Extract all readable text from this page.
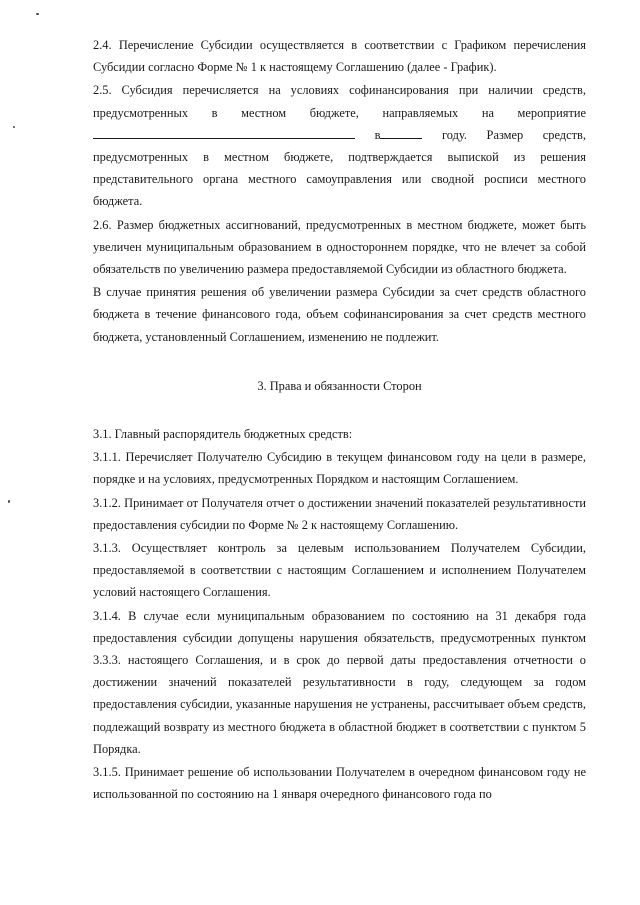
2.4. Перечисление Субсидии осуществляется в соответствии с Графиком перечисления Субсидии согласно Форме № 1 к настоящему Соглашению (далее - График).

2.5. Субсидия перечисляется на условиях софинансирования при наличии средств, предусмотренных в местном бюджете, направляемых на мероприятие  в	году. Размер средств, предусмотренных в местном бюджете, подтверждается выпиской из решения представительного органа местного самоуправления или сводной росписи местного бюджета.

2.6. Размер бюджетных ассигнований, предусмотренных в местном бюджете, может быть увеличен муниципальным образованием в одностороннем порядке, что не влечет за собой обязательств по увеличению размера предоставляемой Субсидии из областного бюджета.

В случае принятия решения об увеличении размера Субсидии за счет средств областного бюджета в течение финансового года, объем софинансирования за счет средств местного бюджета, установленный Соглашением, изменению не подлежит.

3. Права и обязанности Сторон

3.1. Главный распорядитель бюджетных средств:

3.1.1. Перечисляет Получателю Субсидию в текущем финансовом году на цели в размере, порядке и на условиях, предусмотренных Порядком и настоящим Соглашением.

3.1.2. Принимает от Получателя отчет о достижении значений показателей результативности предоставления субсидии по Форме № 2 к настоящему Соглашению.

3.1.3. Осуществляет контроль за целевым использованием Получателем Субсидии, предоставляемой в соответствии с настоящим Соглашением и исполнением Получателем условий настоящего Соглашения.

3.1.4. В случае если муниципальным образованием по состоянию на 31 декабря года предоставления субсидии допущены нарушения обязательств, предусмотренных пунктом 3.3.3. настоящего Соглашения, и в срок до первой даты предоставления отчетности о достижении значений показателей результативности в году, следующем за годом предоставления субсидии, указанные нарушения не устранены, рассчитывает объем средств, подлежащий возврату из местного бюджета в областной бюджет в соответствии с пунктом 5 Порядка.

3.1.5. Принимает решение об использовании Получателем в очередном финансовом году не использованной по состоянию на 1 января очередного финансового года по
